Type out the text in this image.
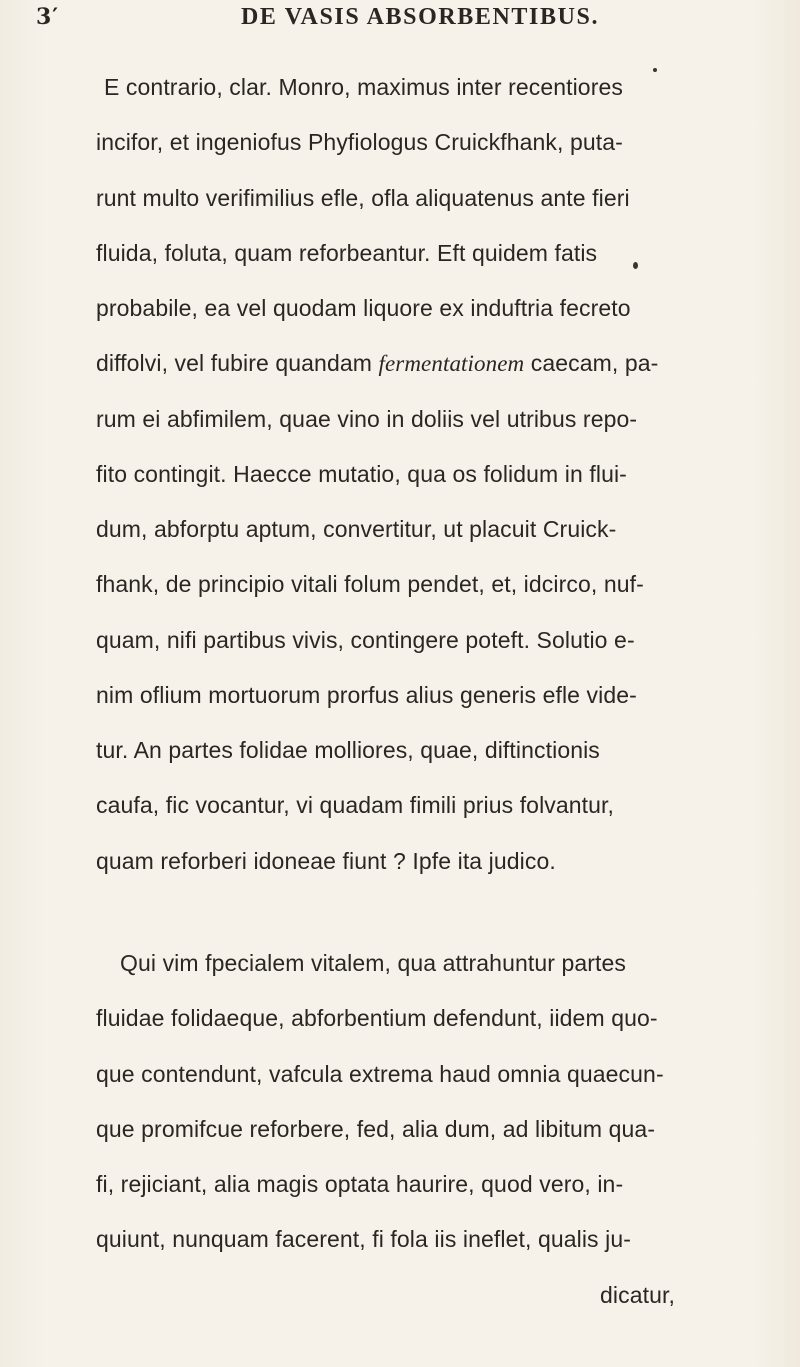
3′	DE VASIS ABSORBENTIBUS.
E contrario, clar. Monro, maximus inter recentiores
incifor, et ingeniofus Phyfiologus Cruickfhank, puta-
runt multo verifimilius efle, ofla aliquatenus ante fieri
fluida, foluta, quam reforbeantur. Eft quidem fatis
probabile, ea vel quodam liquore ex induftria fecreto
diffolvi, vel fubire quandam fermentationem caecam, pa-
rum ei abfimilem, quae vino in doliis vel utribus repo-
fito contingit. Haecce mutatio, qua os folidum in flui-
dum, abforptu aptum, convertitur, ut placuit Cruick-
fhank, de principio vitali folum pendet, et, idcirco, nuf-
quam, nifi partibus vivis, contingere poteft. Solutio e-
nim oflium mortuorum prorfus alius generis efle vide-
tur. An partes folidae molliores, quae, diftinctionis
caufa, fic vocantur, vi quadam fimili prius folvantur,
quam reforberi idoneae fiunt ? Ipfe ita judico.
Qui vim fpecialem vitalem, qua attrahuntur partes
fluidae folidaeque, abforbentium defendunt, iidem quo-
que contendunt, vafcula extrema haud omnia quaecun-
que promifcue reforbere, fed, alia dum, ad libitum qua-
fi, rejiciant, alia magis optata haurire, quod vero, in-
quiunt, nunquam facerent, fi fola iis ineflet, qualis ju-
dicatur,
